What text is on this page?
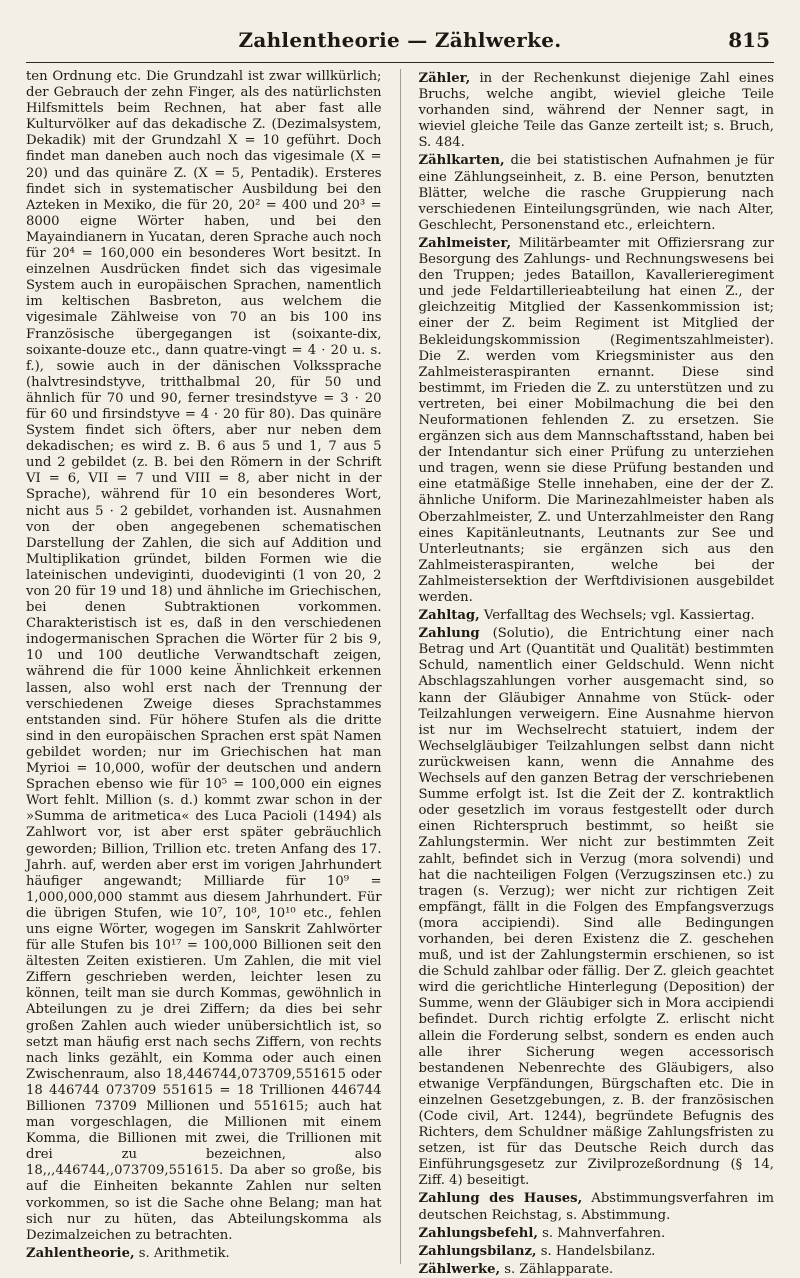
Zahlentheorie — Zählwerke.	815

ten Ordnung etc. Die Grundzahl ist zwar willkürlich; der Gebrauch der zehn Finger, als des natürlichsten Hilfsmittels beim Rechnen, hat aber fast alle Kulturvölker auf das dekadische Z. (Dezimalsystem, Dekadik) mit der Grundzahl X = 10 geführt. Doch findet man daneben auch noch das vigesimale (X = 20) und das quinäre Z. (X = 5, Pentadik). Ersteres findet sich in systematischer Ausbildung bei den Azteken in Mexiko, die für 20, 20² = 400 und 20³ = 8000 eigne Wörter haben, und bei den Mayaindianern in Yucatan, deren Sprache auch noch für 20⁴ = 160,000 ein besonderes Wort besitzt. In einzelnen Ausdrücken findet sich das vigesimale System auch in europäischen Sprachen, namentlich im keltischen Basbreton, aus welchem die vigesimale Zählweise von 70 an bis 100 ins Französische übergegangen ist (soixante-dix, soixante-douze etc., dann quatre-vingt = 4 · 20 u. s. f.), sowie auch in der dänischen Volkssprache (halvtresindstyve, tritthalbmal 20, für 50 und ähnlich für 70 und 90, ferner tresindstyve = 3 · 20 für 60 und firsindstyve = 4 · 20 für 80). Das quinäre System findet sich öfters, aber nur neben dem dekadischen; es wird z. B. 6 aus 5 und 1, 7 aus 5 und 2 gebildet (z. B. bei den Römern in der Schrift VI = 6, VII = 7 und VIII = 8, aber nicht in der Sprache), während für 10 ein besonderes Wort, nicht aus 5 · 2 gebildet, vorhanden ist. Ausnahmen von der oben angegebenen schematischen Darstellung der Zahlen, die sich auf Addition und Multiplikation gründet, bilden Formen wie die lateinischen undeviginti, duodeviginti (1 von 20, 2 von 20 für 19 und 18) und ähnliche im Griechischen, bei denen Subtraktionen vorkommen. Charakteristisch ist es, daß in den verschiedenen indogermanischen Sprachen die Wörter für 2 bis 9, 10 und 100 deutliche Verwandtschaft zeigen, während die für 1000 keine Ähnlichkeit erkennen lassen, also wohl erst nach der Trennung der verschiedenen Zweige dieses Sprachstammes entstanden sind. Für höhere Stufen als die dritte sind in den europäischen Sprachen erst spät Namen gebildet worden; nur im Griechischen hat man Myrioi = 10,000, wofür der deutschen und andern Sprachen ebenso wie für 10⁵ = 100,000 ein eignes Wort fehlt. Million (s. d.) kommt zwar schon in der »Summa de aritmetica« des Luca Pacioli (1494) als Zahlwort vor, ist aber erst später gebräuchlich geworden; Billion, Trillion etc. treten Anfang des 17. Jahrh. auf, werden aber erst im vorigen Jahrhundert häufiger angewandt; Milliarde für 10⁹ = 1,000,000,000 stammt aus diesem Jahrhundert. Für die übrigen Stufen, wie 10⁷, 10⁸, 10¹⁰ etc., fehlen uns eigne Wörter, wogegen im Sanskrit Zahlwörter für alle Stufen bis 10¹⁷ = 100,000 Billionen seit den ältesten Zeiten existieren. Um Zahlen, die mit viel Ziffern geschrieben werden, leichter lesen zu können, teilt man sie durch Kommas, gewöhnlich in Abteilungen zu je drei Ziffern; da dies bei sehr großen Zahlen auch wieder unübersichtlich ist, so setzt man häufig erst nach sechs Ziffern, von rechts nach links gezählt, ein Komma oder auch einen Zwischenraum, also 18,446744,073709,551615 oder 18 446744 073709 551615 = 18 Trillionen 446744 Billionen 73709 Millionen und 551615; auch hat man vorgeschlagen, die Millionen mit einem Komma, die Billionen mit zwei, die Trillionen mit drei zu bezeichnen, also 18,,,446744,,073709,551615. Da aber so große, bis auf die Einheiten bekannte Zahlen nur selten vorkommen, so ist die Sache ohne Belang; man hat sich nur zu hüten, das Abteilungskomma als Dezimalzeichen zu betrachten.

Zahlentheorie, s. Arithmetik.

Zähler, in der Rechenkunst diejenige Zahl eines Bruchs, welche angibt, wieviel gleiche Teile vorhanden sind, während der Nenner sagt, in wieviel gleiche Teile das Ganze zerteilt ist; s. Bruch, S. 484.

Zählkarten, die bei statistischen Aufnahmen je für eine Zählungseinheit, z. B. eine Person, benutzten Blätter, welche die rasche Gruppierung nach verschiedenen Einteilungsgründen, wie nach Alter, Geschlecht, Personenstand etc., erleichtern.

Zahlmeister, Militärbeamter mit Offiziersrang zur Besorgung des Zahlungs- und Rechnungswesens bei den Truppen; jedes Bataillon, Kavallerieregiment und jede Feldartillerieabteilung hat einen Z., der gleichzeitig Mitglied der Kassenkommission ist; einer der Z. beim Regiment ist Mitglied der Bekleidungskommission (Regimentszahlmeister). Die Z. werden vom Kriegsminister aus den Zahlmeisteraspiranten ernannt. Diese sind bestimmt, im Frieden die Z. zu unterstützen und zu vertreten, bei einer Mobilmachung die bei den Neuformationen fehlenden Z. zu ersetzen. Sie ergänzen sich aus dem Mannschaftsstand, haben bei der Intendantur sich einer Prüfung zu unterziehen und tragen, wenn sie diese Prüfung bestanden und eine etatmäßige Stelle innehaben, eine der der Z. ähnliche Uniform. Die Marinezahlmeister haben als Oberzahlmeister, Z. und Unterzahlmeister den Rang eines Kapitänleutnants, Leutnants zur See und Unterleutnants; sie ergänzen sich aus den Zahlmeisteraspiranten, welche bei der Zahlmeistersektion der Werftdivisionen ausgebildet werden.

Zahltag, Verfalltag des Wechsels; vgl. Kassiertag.

Zahlung (Solutio), die Entrichtung einer nach Betrag und Art (Quantität und Qualität) bestimmten Schuld, namentlich einer Geldschuld. Wenn nicht Abschlagszahlungen vorher ausgemacht sind, so kann der Gläubiger Annahme von Stück- oder Teilzahlungen verweigern. Eine Ausnahme hiervon ist nur im Wechselrecht statuiert, indem der Wechselgläubiger Teilzahlungen selbst dann nicht zurückweisen kann, wenn die Annahme des Wechsels auf den ganzen Betrag der verschriebenen Summe erfolgt ist. Ist die Zeit der Z. kontraktlich oder gesetzlich im voraus festgestellt oder durch einen Richterspruch bestimmt, so heißt sie Zahlungstermin. Wer nicht zur bestimmten Zeit zahlt, befindet sich in Verzug (mora solvendi) und hat die nachteiligen Folgen (Verzugszinsen etc.) zu tragen (s. Verzug); wer nicht zur richtigen Zeit empfängt, fällt in die Folgen des Empfangsverzugs (mora accipiendi). Sind alle Bedingungen vorhanden, bei deren Existenz die Z. geschehen muß, und ist der Zahlungstermin erschienen, so ist die Schuld zahlbar oder fällig. Der Z. gleich geachtet wird die gerichtliche Hinterlegung (Deposition) der Summe, wenn der Gläubiger sich in Mora accipiendi befindet. Durch richtig erfolgte Z. erlischt nicht allein die Forderung selbst, sondern es enden auch alle ihrer Sicherung wegen accessorisch bestandenen Nebenrechte des Gläubigers, also etwanige Verpfändungen, Bürgschaften etc. Die in einzelnen Gesetzgebungen, z. B. der französischen (Code civil, Art. 1244), begründete Befugnis des Richters, dem Schuldner mäßige Zahlungsfristen zu setzen, ist für das Deutsche Reich durch das Einführungsgesetz zur Zivilprozeßordnung (§ 14, Ziff. 4) beseitigt.

Zahlung des Hauses, Abstimmungsverfahren im deutschen Reichstag, s. Abstimmung.

Zahlungsbefehl, s. Mahnverfahren.

Zahlungsbilanz, s. Handelsbilanz.

Zählwerke, s. Zählapparate.
